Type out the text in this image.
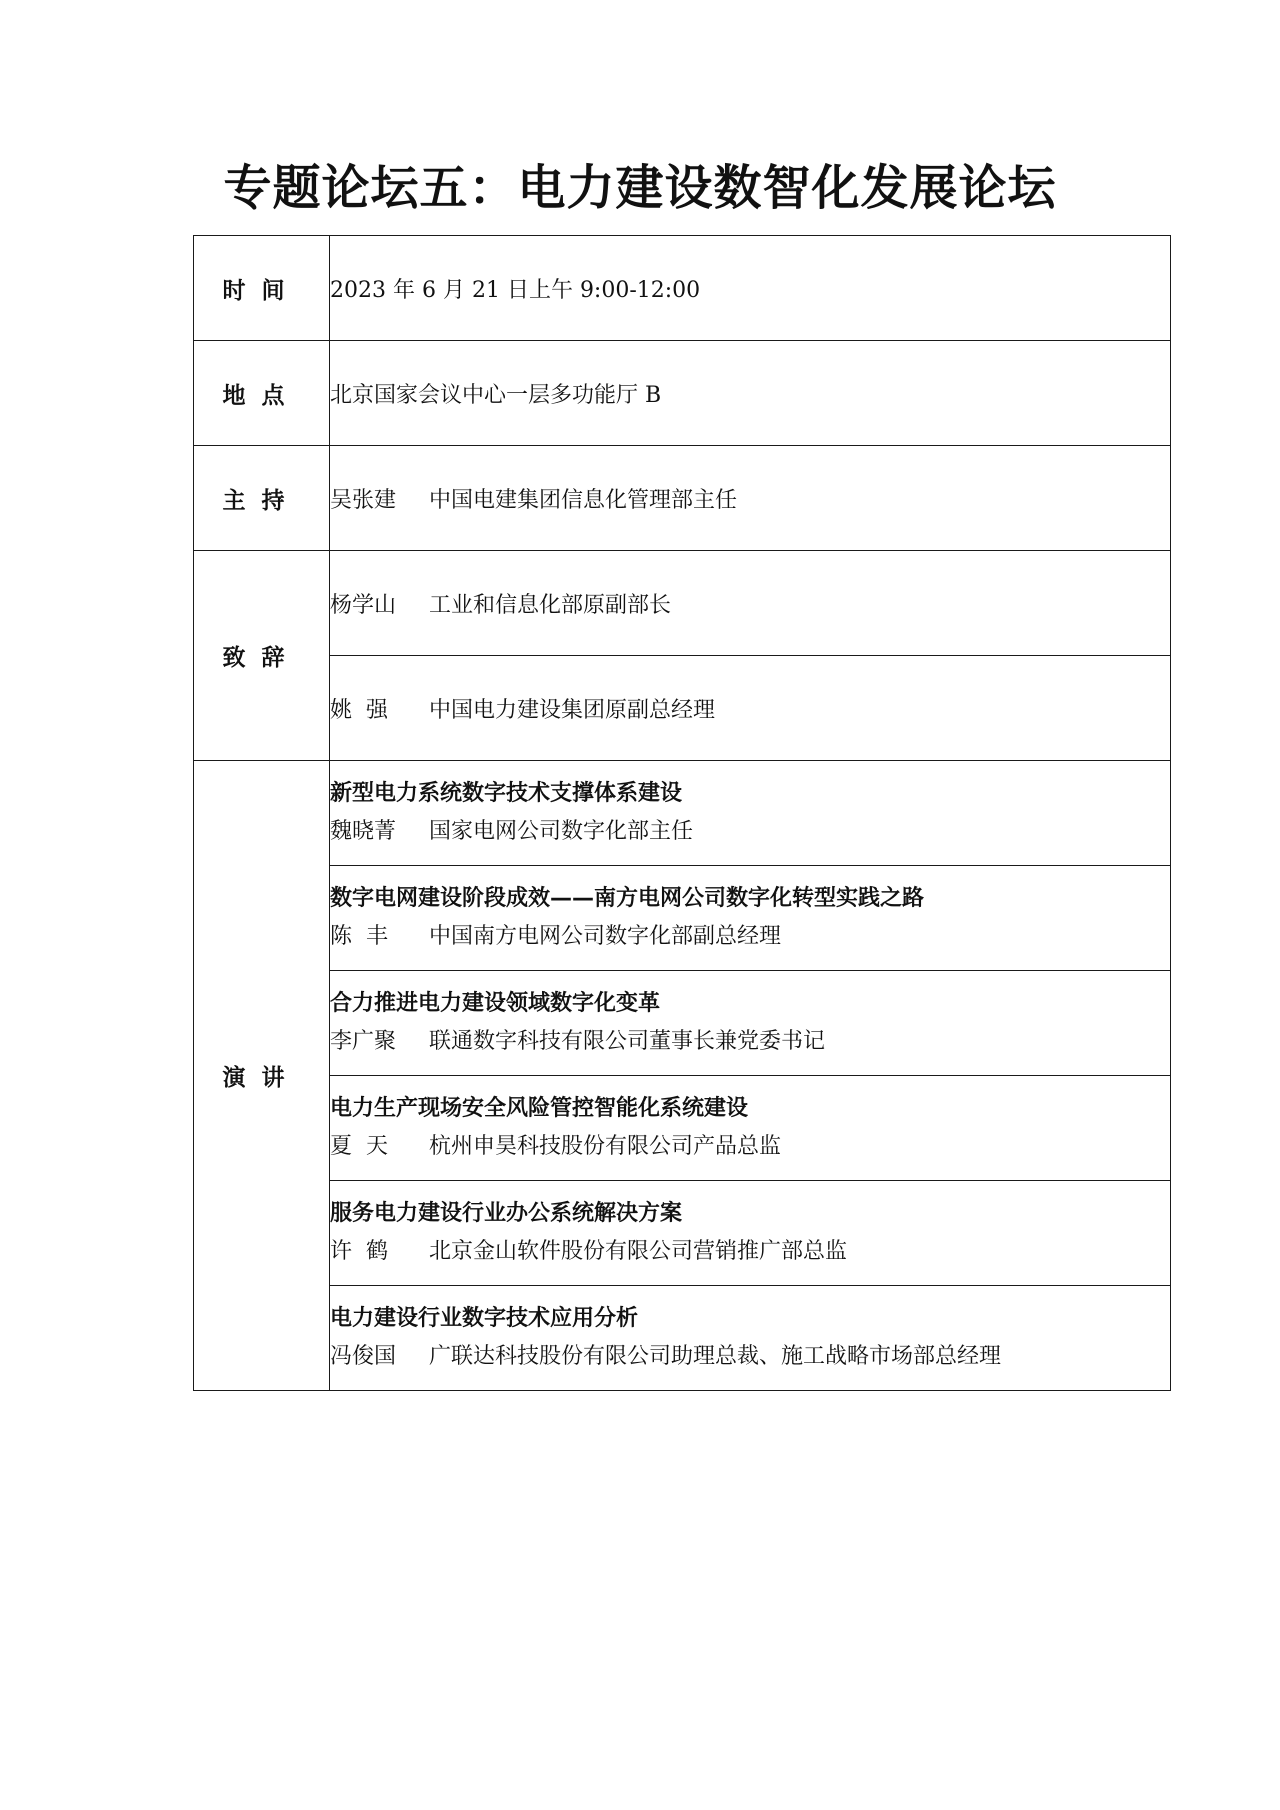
专题论坛五：电力建设数智化发展论坛
时间	2023 年 6 月 21 日上午 9:00-12:00
地点	北京国家会议中心一层多功能厅 B
主持	吴张建 中国电建集团信息化管理部主任
致辞	杨学山 工业和信息化部原副部长
	姚  强 中国电力建设集团原副总经理
演讲	新型电力系统数字技术支撑体系建设
魏晓菁 国家电网公司数字化部主任

	数字电网建设阶段成效——南方电网公司数字化转型实践之路
陈  丰 中国南方电网公司数字化部副总经理

	合力推进电力建设领域数字化变革
李广聚 联通数字科技有限公司董事长兼党委书记

	电力生产现场安全风险管控智能化系统建设
夏  天 杭州申昊科技股份有限公司产品总监

	服务电力建设行业办公系统解决方案
许  鹤 北京金山软件股份有限公司营销推广部总监

	电力建设行业数字技术应用分析
冯俊国 广联达科技股份有限公司助理总裁、施工战略市场部总经理
